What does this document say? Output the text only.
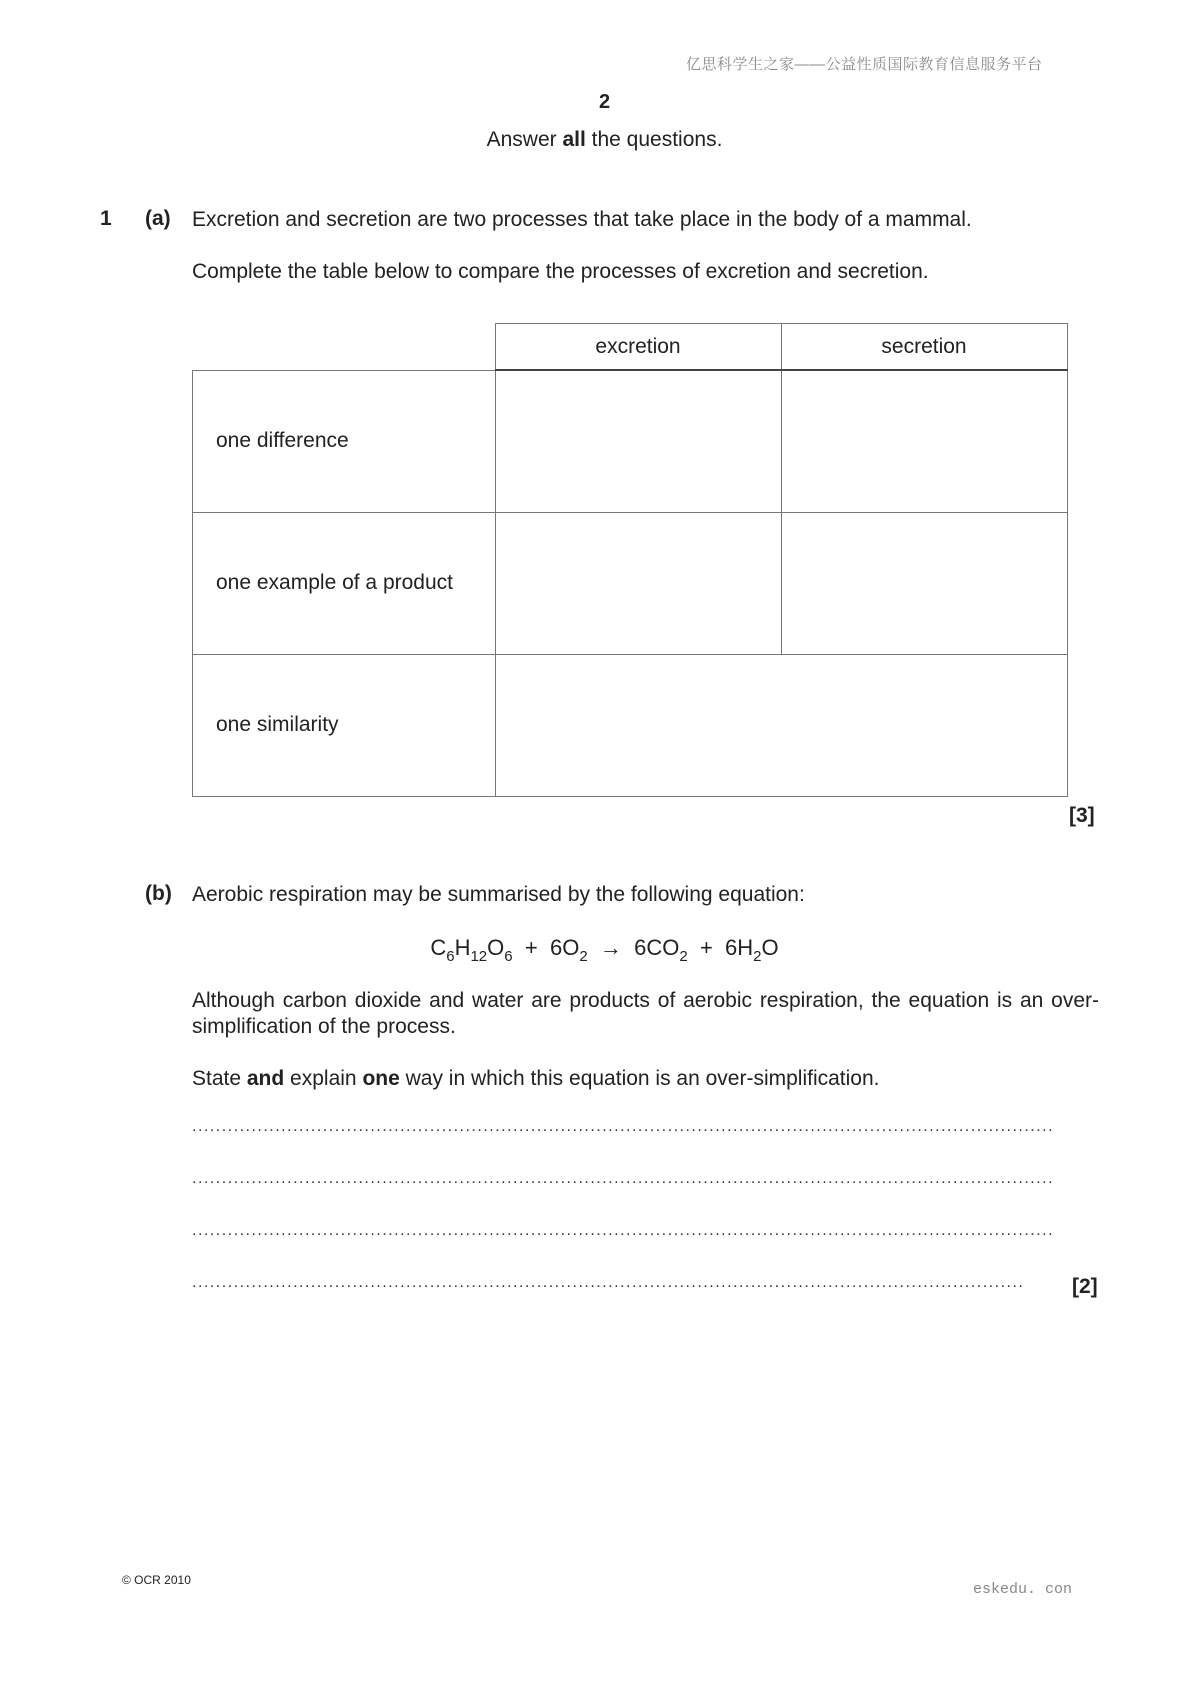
亿思科学生之家——公益性质国际教育信息服务平台
2
Answer all the questions.
1 (a) Excretion and secretion are two processes that take place in the body of a mammal.
Complete the table below to compare the processes of excretion and secretion.
	excretion	secretion
one difference		
one example of a product		
one similarity		
[3]
(b) Aerobic respiration may be summarised by the following equation:
$C_6H_{12}O_6 + 6O_2 \to 6CO_2 + 6H_2O$
Although carbon dioxide and water are products of aerobic respiration, the equation is an over-simplification of the process.
State and explain one way in which this equation is an over-simplification.
.................................................................................................................................................
.................................................................................................................................................
.................................................................................................................................................
............................................................................................................................................	[2]
© OCR 2010
eskedu. con
